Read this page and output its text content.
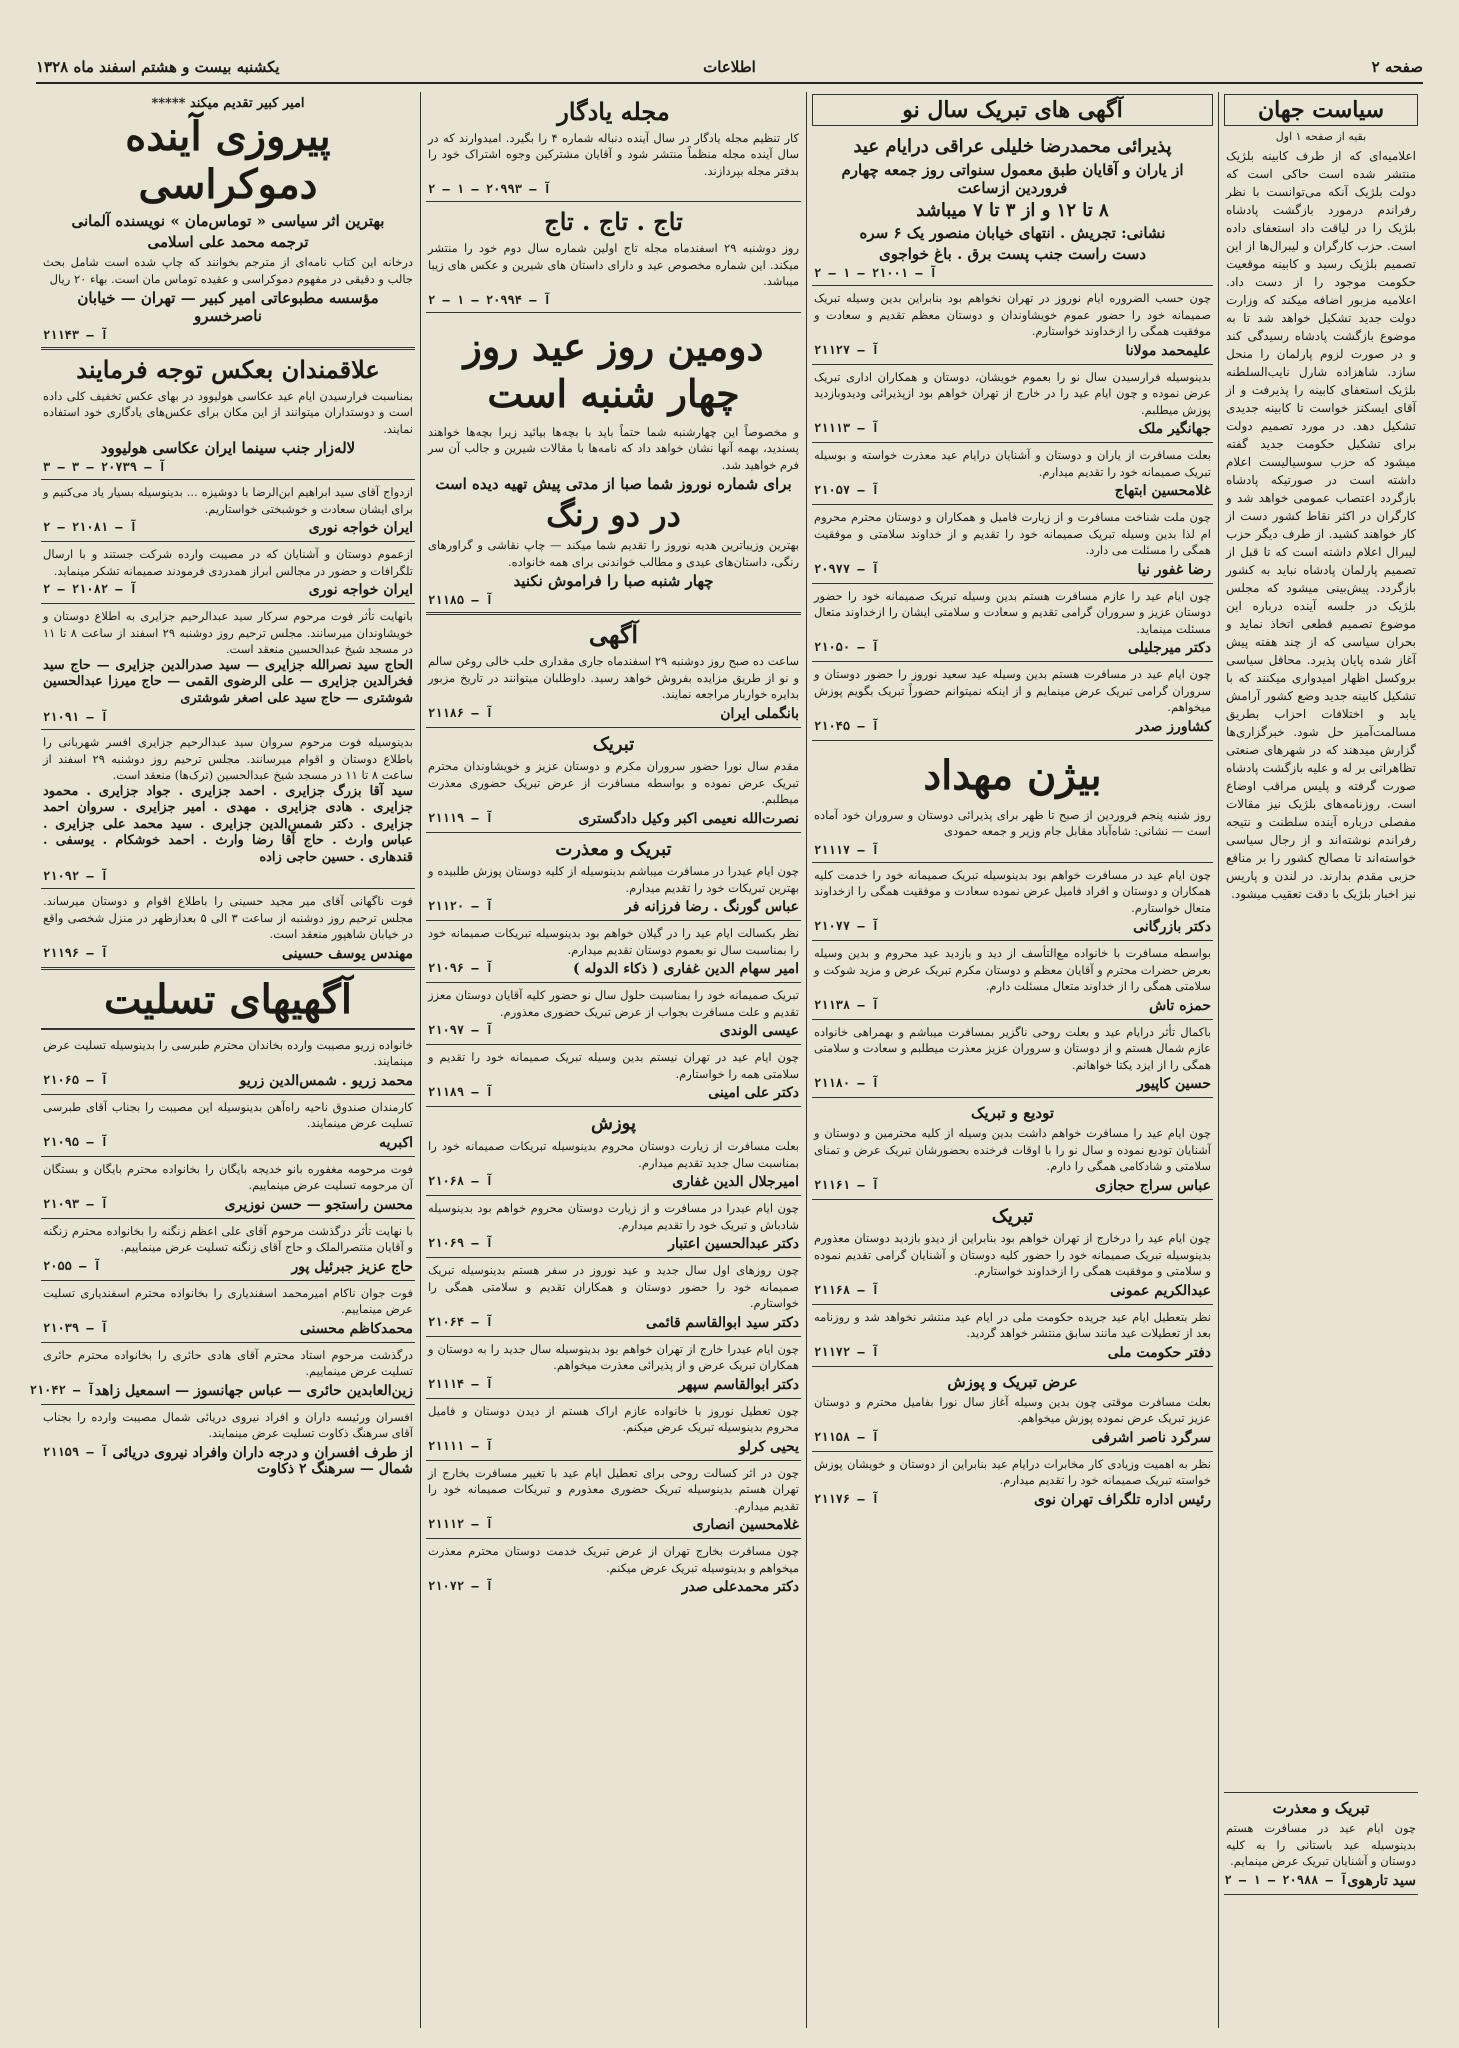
صفحه ۲
اطلاعات
یکشنبه بیست و هشتم اسفند ماه ۱۳۲۸
سیاست جهان
بقیه از صفحه ۱ اول

اعلامیه‌ای که از طرف کابینه بلژیک منتشر شده است حاکی است که دولت بلژیک آنکه می‌توانست با نظر رفراندم درمورد بازگشت پادشاه بلژیک را در لیاقت داد استعفای داده است. حزب کارگران و لیبرال‌ها از این تصمیم بلژیک رسید و کابینه موقعیت حکومت موجود را از دست داد. اعلامیه مزبور اضافه میکند که وزارت دولت جدید تشکیل خواهد شد تا به موضوع بازگشت پادشاه رسیدگی کند و در صورت لزوم پارلمان را منحل سازد. شاهزاده شارل نایب‌السلطنه بلژیک استعفای کابینه را پذیرفت و از آقای ایسکنز خواست تا کابینه جدیدی تشکیل دهد. در مورد تصمیم دولت برای تشکیل حکومت جدید گفته میشود که حزب سوسیالیست اعلام داشته است در صورتیکه پادشاه بازگردد اعتصاب عمومی خواهد شد و کارگران در اکثر نقاط کشور دست از کار خواهند کشید. از طرف دیگر حزب لیبرال اعلام داشته است که تا قبل از تصمیم پارلمان پادشاه نباید به کشور بازگردد. پیش‌بینی میشود که مجلس بلژیک در جلسه آینده درباره این موضوع تصمیم قطعی اتخاذ نماید و بحران سیاسی که از چند هفته پیش آغاز شده پایان پذیرد. محافل سیاسی بروکسل اظهار امیدواری میکنند که با تشکیل کابینه جدید وضع کشور آرامش یابد و اختلافات احزاب بطریق مسالمت‌آمیز حل شود. خبرگزاری‌ها گزارش میدهند که در شهرهای صنعتی تظاهراتی بر له و علیه بازگشت پادشاه صورت گرفته و پلیس مراقب اوضاع است. روزنامه‌های بلژیک نیز مقالات مفصلی درباره آینده سلطنت و نتیجه رفراندم نوشته‌اند و از رجال سیاسی خواسته‌اند تا مصالح کشور را بر منافع حزبی مقدم بدارند. در لندن و پاریس نیز اخبار بلژیک با دقت تعقیب میشود.

تبریک و معذرت

چون ایام عید در مسافرت هستم بدینوسیله عید باستانی را به کلیه دوستان و آشنایان تبریک عرض مینمایم.

سید تارهوی
آ — ۲۰۹۸۸ — ۱ — ۲
آگهی های تبریک سال نو
پذیرائی محمدرضا خلیلی عراقی درایام عید
از یاران و آقایان طبق معمول سنواتی روز جمعه چهارم فروردین ازساعت
۸ تا ۱۲ و از ۳ تا ۷ میباشد
نشانی: تجریش . انتهای خیابان منصور یک ۶ سره
دست راست جنب پست برق . باغ خواجوی
آ — ۲۱۰۰۱ — ۱ — ۲

چون حسب الضروره ایام نوروز در تهران نخواهم بود بنابراین بدین وسیله تبریک صمیمانه خود را حضور عموم خویشاوندان و دوستان معظم تقدیم و سعادت و موفقیت همگی را ازخداوند خواستارم.

علیمحمد مولانا
آ — ۲۱۱۲۷

بدینوسیله فرارسیدن سال نو را بعموم خویشان، دوستان و همکاران اداری تبریک عرض نموده و چون ایام عید را در خارج از تهران خواهم بود ازپذیرائی ودیدوبازدید پوزش میطلبم.

جهانگیر ملک
آ — ۲۱۱۱۳

بعلت مسافرت از یاران و دوستان و آشنایان درایام عید معذرت خواسته و بوسیله تبریک صمیمانه خود را تقدیم میدارم.

غلامحسین ابتهاج
آ — ۲۱۰۵۷

چون ملت شناخت مسافرت و از زیارت فامیل و همکاران و دوستان محترم محروم ام لذا بدین وسیله تبریک صمیمانه خود را تقدیم و از خداوند سلامتی و موفقیت همگی را مسئلت می دارد.

رضا غفور نیا
آ — ۲۰۹۷۷

چون ایام عید را عازم مسافرت هستم بدین وسیله تبریک صمیمانه خود را حضور دوستان عزیز و سروران گرامی تقدیم و سعادت و سلامتی ایشان را ازخداوند متعال مسئلت مینماید.

دکتر میرجلیلی
آ — ۲۱۰۵۰

چون ایام عید در مسافرت هستم بدین وسیله عید سعید نوروز را حضور دوستان و سروران گرامی تبریک عرض مینمایم و از اینکه نمیتوانم حضوراً تبریک بگویم پوزش میخواهم.

کشاورز صدر
آ — ۲۱۰۴۵
بیژن مهداد

روز شنبه پنجم فروردین از صبح تا ظهر برای پذیرائی دوستان و سروران خود آماده است — نشانی: شاه‌آباد مقابل جام وزیر و جمعه حمودی

آ — ۲۱۱۱۷

چون ایام عید در مسافرت خواهم بود بدینوسیله تبریک صمیمانه خود را خدمت کلیه همکاران و دوستان و افراد فامیل عرض نموده سعادت و موفقیت همگی را ازخداوند متعال خواستارم.

دکتر بازرگانی
آ — ۲۱۰۷۷

بواسطه مسافرت با خانواده مع‌التأسف از دید و بازدید عید محروم و بدین وسیله بعرض حضرات محترم و آقایان معظم و دوستان مکرم تبریک عرض و مزید شوکت و سلامتی همگی را از خداوند متعال مسئلت دارم.

حمزه تاش
آ — ۲۱۱۳۸

باکمال تأثر درایام عید و بعلت روحی ناگزیر بمسافرت میباشم و بهمراهی خانواده عازم شمال هستم و از دوستان و سروران عزیز معذرت میطلبم و سعادت و سلامتی همگی را از ایزد یکتا خواهانم.

حسین کاپیور
آ — ۲۱۱۸۰
تودیع و تبریک

چون ایام عید را مسافرت خواهم داشت بدین وسیله از کلیه محترمین و دوستان و آشنایان تودیع نموده و سال نو را با اوقات فرخنده بحضورشان تبریک عرض و تمنای سلامتی و شادکامی همگی را دارم.

عباس سراج حجازی
آ — ۲۱۱۶۱
تبریک

چون ایام عید را درخارج از تهران خواهم بود بنابراین از دیدو بازدید دوستان معذورم بدینوسیله تبریک صمیمانه خود را حضور کلیه دوستان و آشنایان گرامی تقدیم نموده و سلامتی و موفقیت همگی را ازخداوند خواستارم.

عبدالکریم عمونی
آ — ۲۱۱۶۸

نظر بتعطیل ایام عید جریده حکومت ملی در ایام عید منتشر نخواهد شد و روزنامه بعد از تعطیلات عید مانند سابق منتشر خواهد گردید.

دفتر حکومت ملی
آ — ۲۱۱۷۲
عرض تبریک و پوزش

بعلت مسافرت موقتی چون بدین وسیله آغاز سال نورا بفامیل محترم و دوستان عزیز تبریک عرض نموده پوزش میخواهم.

سرگرد ناصر اشرفی
آ — ۲۱۱۵۸

نظر به اهمیت وزیادی کار مخابرات درایام عید بنابراین از دوستان و خویشان پوزش خواسته تبریک صمیمانه خود را تقدیم میدارم.

رئیس اداره تلگراف تهران نوی
آ — ۲۱۱۷۶
مجله یادگار

کار تنظیم مجله یادگار در سال آینده دنباله شماره ۴ را بگیرد. امیدوارند که در سال آینده مجله منظماً منتشر شود و آقایان مشترکین وجوه اشتراک خود را بدفتر مجله بپردازند.

آ — ۲۰۹۹۳ — ۱ — ۲
تاج . تاج . تاج

روز دوشنبه ۲۹ اسفندماه مجله تاج اولین شماره سال دوم خود را منتشر میکند. این شماره مخصوص عید و دارای داستان های شیرین و عکس های زیبا میباشد.

آ — ۲۰۹۹۴ — ۱ — ۲
دومین روز عید روز چهار شنبه است

و مخصوصاً این چهارشنبه شما حتماً باید با بچه‌ها بیائید زیرا بچه‌ها خواهند پسندید، بهمه آنها نشان خواهد داد که نامه‌ها با مقالات شیرین و جالب آن سر فرم خواهید شد.

برای شماره نوروز شما صبا از مدتی پیش تهیه دیده است
در دو رنگ

بهترین وزیباترین هدیه نوروز را تقدیم شما میکند — چاپ نقاشی و گراورهای رنگی، داستان‌های عیدی و مطالب خواندنی برای همه خانواده.

چهار شنبه صبا را فراموش نکنید
آ — ۲۱۱۸۵
آگهی

ساعت ده صبح روز دوشنبه ۲۹ اسفندماه جاری مقداری حلب خالی روغن سالم و نو از طریق مزایده بفروش خواهد رسید. داوطلبان میتوانند در تاریخ مزبور بدایره خواربار مراجعه نمایند.

بانگملی ایران
آ — ۲۱۱۸۶
تبریک

مقدم سال نورا حضور سروران مکرم و دوستان عزیز و خویشاوندان محترم تبریک عرض نموده و بواسطه مسافرت از عرض تبریک حضوری معذرت میطلبم.

نصرت‌الله نعیمی اکبر وکیل دادگستری
آ — ۲۱۱۱۹
تبریک و معذرت

چون ایام عیدرا در مسافرت میباشم بدینوسیله از کلیه دوستان پوزش طلبیده و بهترین تبریکات خود را تقدیم میدارم.

عباس گورنگ . رضا فرزانه فر
آ — ۲۱۱۲۰

نظر بکسالت ایام عید را در گیلان خواهم بود بدینوسیله تبریکات صمیمانه خود را بمناسبت سال نو بعموم دوستان تقدیم میدارم.

امیر سهام الدین غفاری ( ذکاء الدوله )
آ — ۲۱۰۹۶

تبریک صمیمانه خود را بمناسبت حلول سال نو حضور کلیه آقایان دوستان معزز تقدیم و علت مسافرت بجواب از عرض تبریک حضوری معذورم.

عیسی الوندی
آ — ۲۱۰۹۷

چون ایام عید در تهران نیستم بدین وسیله تبریک صمیمانه خود را تقدیم و سلامتی همه را خواستارم.

دکتر علی امینی
آ — ۲۱۱۸۹
پوزش

بعلت مسافرت از زیارت دوستان محروم بدینوسیله تبریکات صمیمانه خود را بمناسبت سال جدید تقدیم میدارم.

امیرجلال الدین غفاری
آ — ۲۱۰۶۸

چون ایام عیدرا در مسافرت و از زیارت دوستان محروم خواهم بود بدینوسیله شادباش و تبریک خود را تقدیم میدارم.

دکتر عبدالحسین اعتبار
آ — ۲۱۰۶۹

چون روزهای اول سال جدید و عید نوروز در سفر هستم بدینوسیله تبریک صمیمانه خود را حضور دوستان و همکاران تقدیم و سلامتی همگی را خواستارم.

دکتر سید ابوالقاسم قائمی
آ — ۲۱۰۶۴

چون ایام عیدرا خارج از تهران خواهم بود بدینوسیله سال جدید را به دوستان و همکاران تبریک عرض و از پذیرائی معذرت میخواهم.

دکتر ابوالقاسم سپهر
آ — ۲۱۱۱۴

چون تعطیل نوروز با خانواده عازم اراک هستم از دیدن دوستان و فامیل محروم بدینوسیله تبریک عرض میکنم.

یحیی کرلو
آ — ۲۱۱۱۱

چون در اثر کسالت روحی برای تعطیل ایام عید با تغییر مسافرت بخارج از تهران هستم بدینوسیله تبریک حضوری معذورم و تبریکات صمیمانه خود را تقدیم میدارم.

غلامحسین انصاری
آ — ۲۱۱۱۲

چون مسافرت بخارج تهران از عرض تبریک خدمت دوستان محترم معذرت میخواهم و بدینوسیله تبریک عرض میکنم.

دکتر محمدعلی صدر
آ — ۲۱۰۷۲
امیر کبیر تقدیم میکند *****
پیروزی آینده دموکراسی
بهترین اثر سیاسی « توماس‌مان » نویسنده آلمانی
ترجمه محمد علی اسلامی

درخانه این کتاب نامه‌ای از مترجم بخوانند که چاپ شده است شامل بحث جالب و دقیقی در مفهوم دموکراسی و عقیده توماس مان است. بهاء ۲۰ ریال

مؤسسه مطبوعاتی امیر کبیر — تهران — خیابان ناصرخسرو
آ — ۲۱۱۴۳
علاقمندان بعکس توجه فرمایند

بمناسبت فرارسیدن ایام عید عکاسی هولیوود در بهای عکس تخفیف کلی داده است و دوستداران میتوانند از این مکان برای عکس‌های یادگاری خود استفاده نمایند.

لاله‌زار جنب سینما ایران عکاسی هولیوود
آ — ۲۰۷۳۹ — ۳ — ۳

ازدواج آقای سید ابراهیم ابن‌الرضا با دوشیزه ... بدینوسیله بسیار یاد می‌کنیم و برای ایشان سعادت و خوشبختی خواستاریم.

ایران خواجه نوری
آ — ۲۱۰۸۱ — ۲

ازعموم دوستان و آشنایان که در مصیبت وارده شرکت جستند و با ارسال تلگرافات و حضور در مجالس ابراز همدردی فرمودند صمیمانه تشکر مینماید.

ایران خواجه نوری
آ — ۲۱۰۸۲ — ۲

بانهایت تأثر فوت مرحوم سرکار سید عبدالرحیم جزایری به اطلاع دوستان و خویشاوندان میرسانند. مجلس ترحیم روز دوشنبه ۲۹ اسفند از ساعت ۸ تا ۱۱ در مسجد شیخ عبدالحسین منعقد است.

الحاج سید نصرالله جزایری — سید صدرالدین جزایری — حاج سید فخرالدین جزایری — علی الرضوی القمی — حاج میرزا عبدالحسین شوشتری — حاج سید علی اصغر شوشتری

آ — ۲۱۰۹۱

بدینوسیله فوت مرحوم سروان سید عبدالرحیم جزایری افسر شهربانی را باطلاع دوستان و اقوام میرسانند. مجلس ترحیم روز دوشنبه ۲۹ اسفند از ساعت ۸ تا ۱۱ در مسجد شیخ عبدالحسین (ترک‌ها) منعقد است.

سید آقا بزرگ جزایری . احمد جزایری . جواد جزایری . محمود جزایری . هادی جزایری . مهدی . امیر جزایری . سروان احمد جزایری . دکتر شمس‌الدین جزایری . سید محمد علی جزایری . عباس وارث . حاج آقا رضا وارث . احمد خوشکام . یوسفی . قندهاری . حسین حاجی زاده

آ — ۲۱۰۹۲

فوت ناگهانی آقای میر مجید حسینی را باطلاع اقوام و دوستان میرساند. مجلس ترحیم روز دوشنبه از ساعت ۳ الی ۵ بعدازظهر در منزل شخصی واقع در خیابان شاهپور منعقد است.

مهندس یوسف حسینی
آ — ۲۱۱۹۶
آگهیهای تسلیت

خانواده زریو مصیبت وارده بخاندان محترم طبرسی را بدینوسیله تسلیت عرض مینمایند.

محمد زریو . شمس‌الدین زریو
آ — ۲۱۰۶۵

کارمندان صندوق ناحیه راه‌آهن بدینوسیله این مصیبت را بجناب آقای طبرسی تسلیت عرض مینمایند.

اکبریه
آ — ۲۱۰۹۵

فوت مرحومه مغفوره بانو خدیجه بایگان را بخانواده محترم بایگان و بستگان آن مرحومه تسلیت عرض مینماییم.

محسن راستجو — حسن نوزیری
آ — ۲۱۰۹۳

با نهایت تأثر درگذشت مرحوم آقای علی اعظم زنگنه را بخانواده محترم زنگنه و آقایان منتصرالملک و حاج آقای زنگنه تسلیت عرض مینماییم.

حاج عزیز جبرئیل پور
آ — ۲۰۵۵

فوت جوان ناکام امیرمحمد اسفندیاری را بخانواده محترم اسفندیاری تسلیت عرض مینماییم.

محمدکاظم محسنی
آ — ۲۱۰۳۹

درگذشت مرحوم استاد محترم آقای هادی حائری را بخانواده محترم حائری تسلیت عرض مینماییم.

زین‌العابدین حائری — عباس جهانسوز — اسمعیل زاهد
آ — ۲۱۰۴۲

افسران ورئیسه داران و افراد نیروی دریائی شمال مصیبت وارده را بجناب آقای سرهنگ ذکاوت تسلیت عرض مینمایند.

از طرف افسران و درجه داران وافراد نیروی دریائی شمال — سرهنگ ۲ ذکاوت
آ — ۲۱۱۵۹
